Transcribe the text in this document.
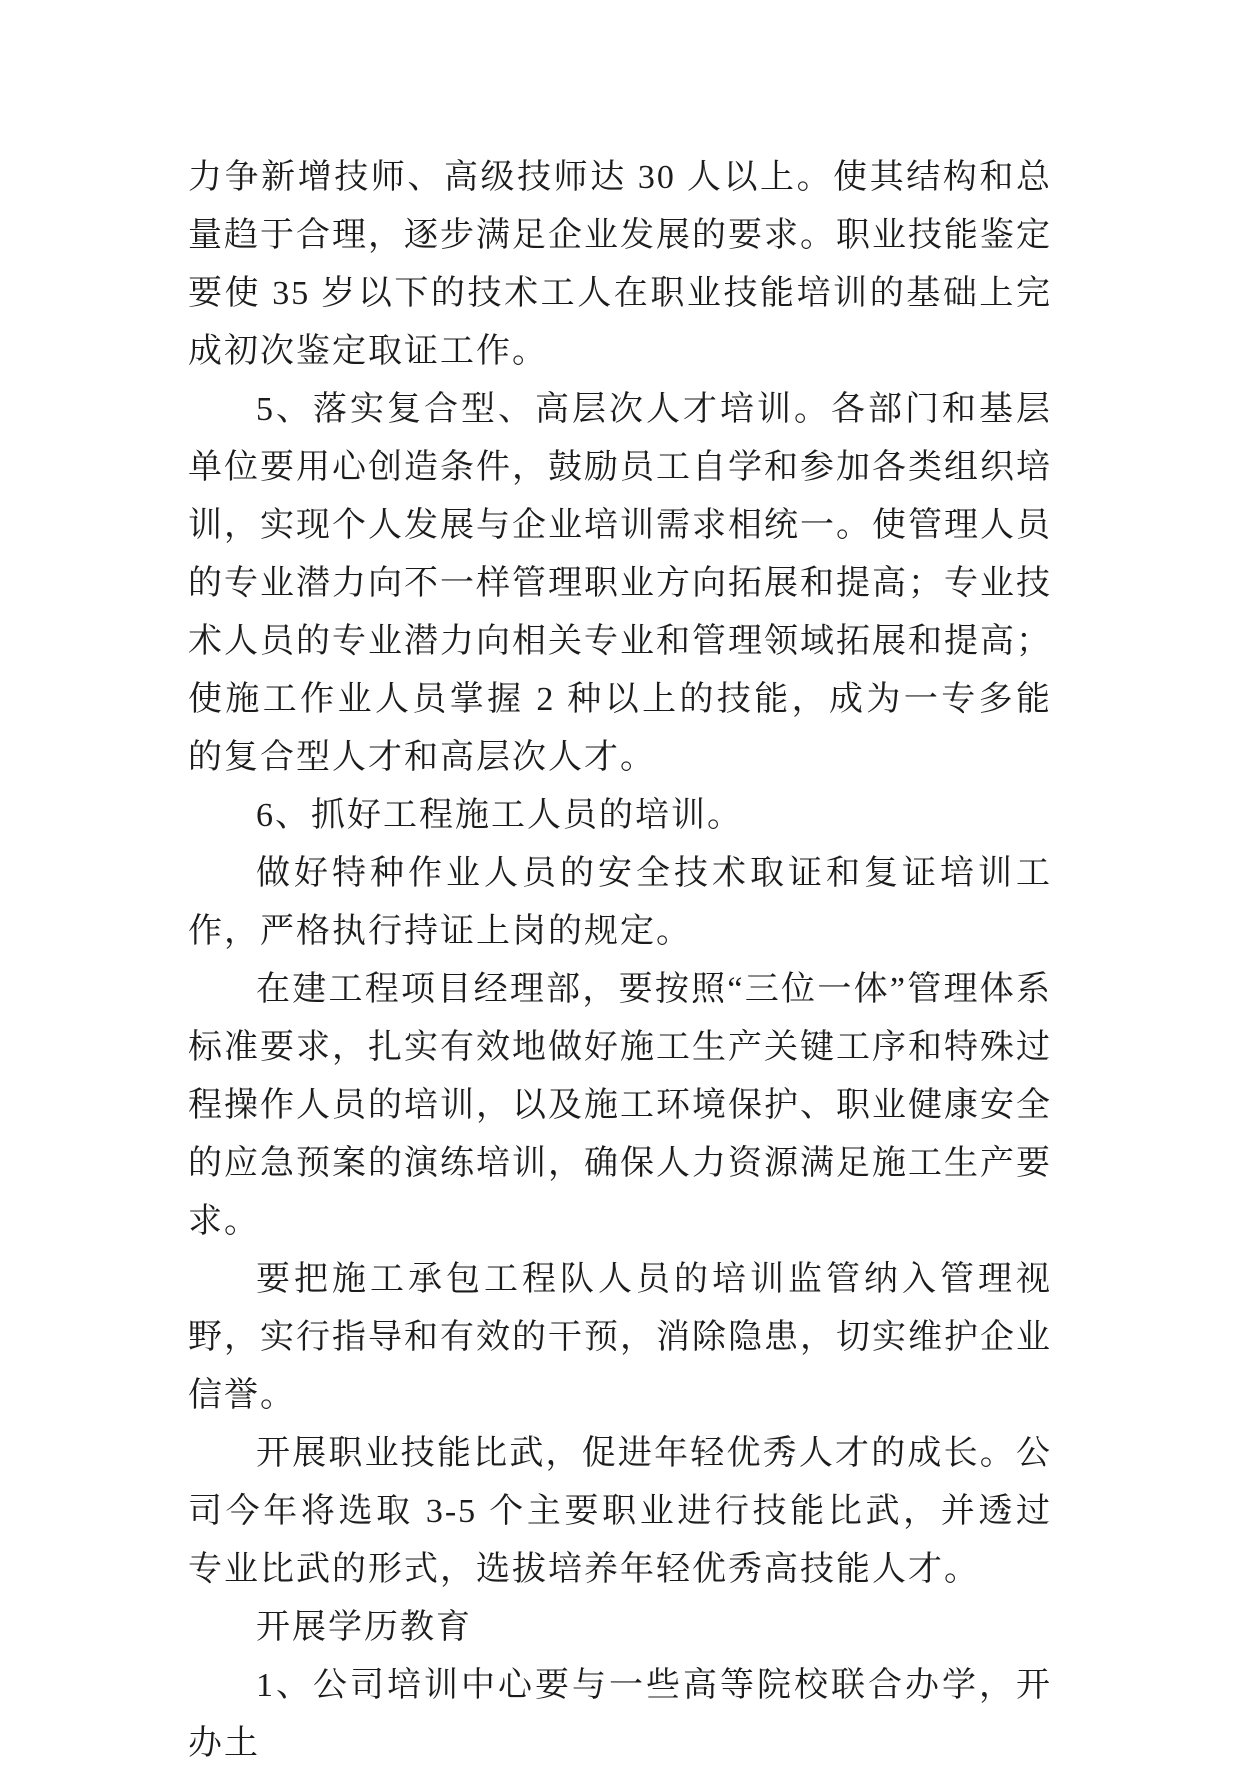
力争新增技师、高级技师达 30 人以上。使其结构和总量趋于合理，逐步满足企业发展的要求。职业技能鉴定要使 35 岁以下的技术工人在职业技能培训的基础上完成初次鉴定取证工作。

5、落实复合型、高层次人才培训。各部门和基层单位要用心创造条件，鼓励员工自学和参加各类组织培训，实现个人发展与企业培训需求相统一。使管理人员的专业潜力向不一样管理职业方向拓展和提高；专业技术人员的专业潜力向相关专业和管理领域拓展和提高；使施工作业人员掌握 2 种以上的技能，成为一专多能的复合型人才和高层次人才。

6、抓好工程施工人员的培训。

做好特种作业人员的安全技术取证和复证培训工作，严格执行持证上岗的规定。

在建工程项目经理部，要按照“三位一体”管理体系标准要求，扎实有效地做好施工生产关键工序和特殊过程操作人员的培训，以及施工环境保护、职业健康安全的应急预案的演练培训，确保人力资源满足施工生产要求。

要把施工承包工程队人员的培训监管纳入管理视野，实行指导和有效的干预，消除隐患，切实维护企业信誉。

开展职业技能比武，促进年轻优秀人才的成长。公司今年将选取 3-5 个主要职业进行技能比武，并透过专业比武的形式，选拔培养年轻优秀高技能人才。

开展学历教育

1、公司培训中心要与一些高等院校联合办学，开办土
